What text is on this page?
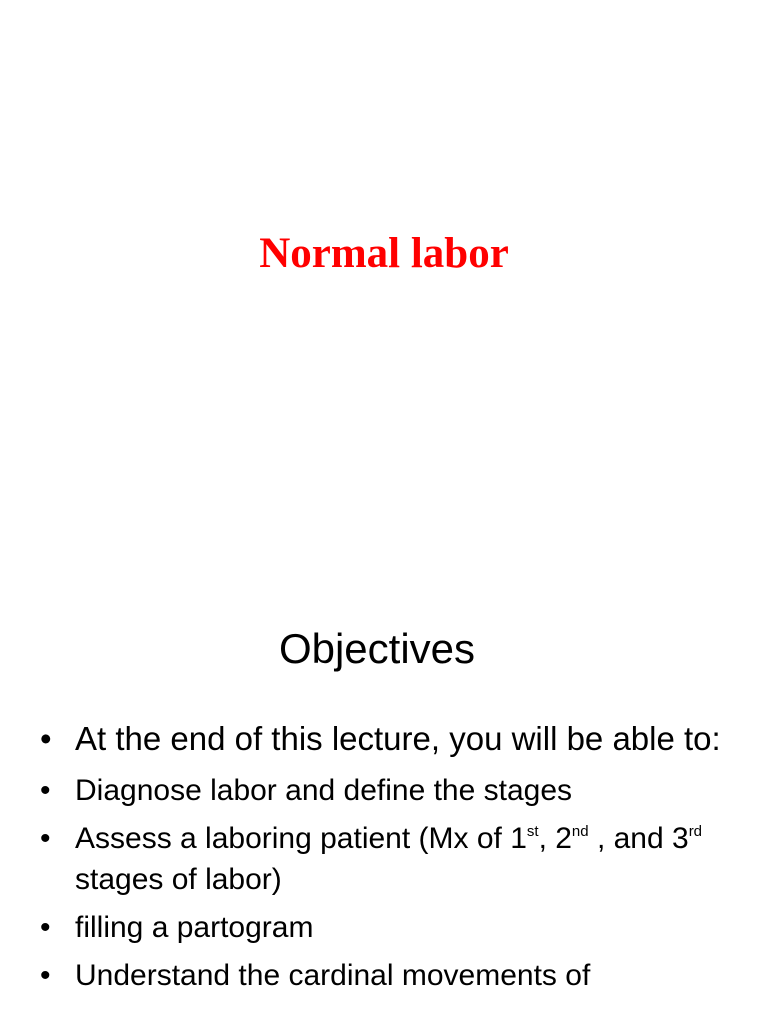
Normal labor
Objectives
• At the end of this lecture, you will be able to:
• Diagnose labor and define the stages
• Assess a laboring patient (Mx of 1st, 2nd , and 3rd stages of labor)
• filling a partogram
• Understand the cardinal movements of
